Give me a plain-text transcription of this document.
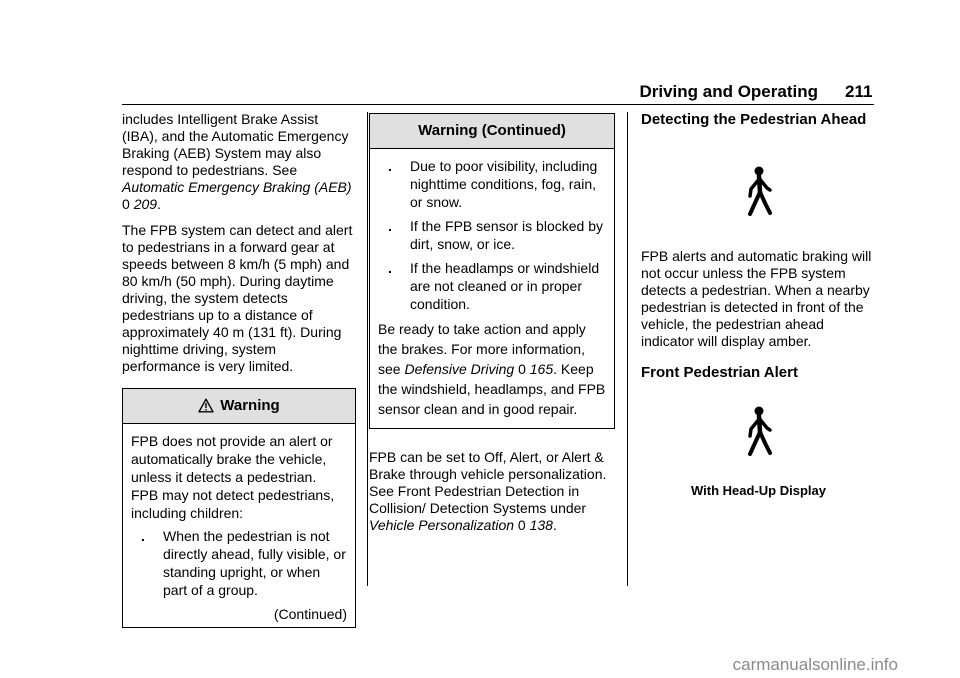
Driving and Operating 211

includes Intelligent Brake Assist (IBA), and the Automatic Emergency Braking (AEB) System may also respond to pedestrians. See Automatic Emergency Braking (AEB) 0 209.

The FPB system can detect and alert to pedestrians in a forward gear at speeds between 8 km/h (5 mph) and 80 km/h (50 mph). During daytime driving, the system detects pedestrians up to a distance of approximately 40 m (131 ft). During nighttime driving, system performance is very limited.

Warning

FPB does not provide an alert or automatically brake the vehicle, unless it detects a pedestrian. FPB may not detect pedestrians, including children:

. When the pedestrian is not directly ahead, fully visible, or standing upright, or when part of a group.
(Continued)
Warning (Continued)
. Due to poor visibility, including nighttime conditions, fog, rain, or snow.
. If the FPB sensor is blocked by dirt, snow, or ice.
. If the headlamps or windshield are not cleaned or in proper condition.

Be ready to take action and apply the brakes. For more information, see Defensive Driving 0 165. Keep the windshield, headlamps, and FPB sensor clean and in good repair.

FPB can be set to Off, Alert, or Alert & Brake through vehicle personalization. See Front Pedestrian Detection in Collision/ Detection Systems under Vehicle Personalization 0 138.

Detecting the Pedestrian Ahead

FPB alerts and automatic braking will not occur unless the FPB system detects a pedestrian. When a nearby pedestrian is detected in front of the vehicle, the pedestrian ahead indicator will display amber.

Front Pedestrian Alert
With Head-Up Display
carmanualsonline.info
